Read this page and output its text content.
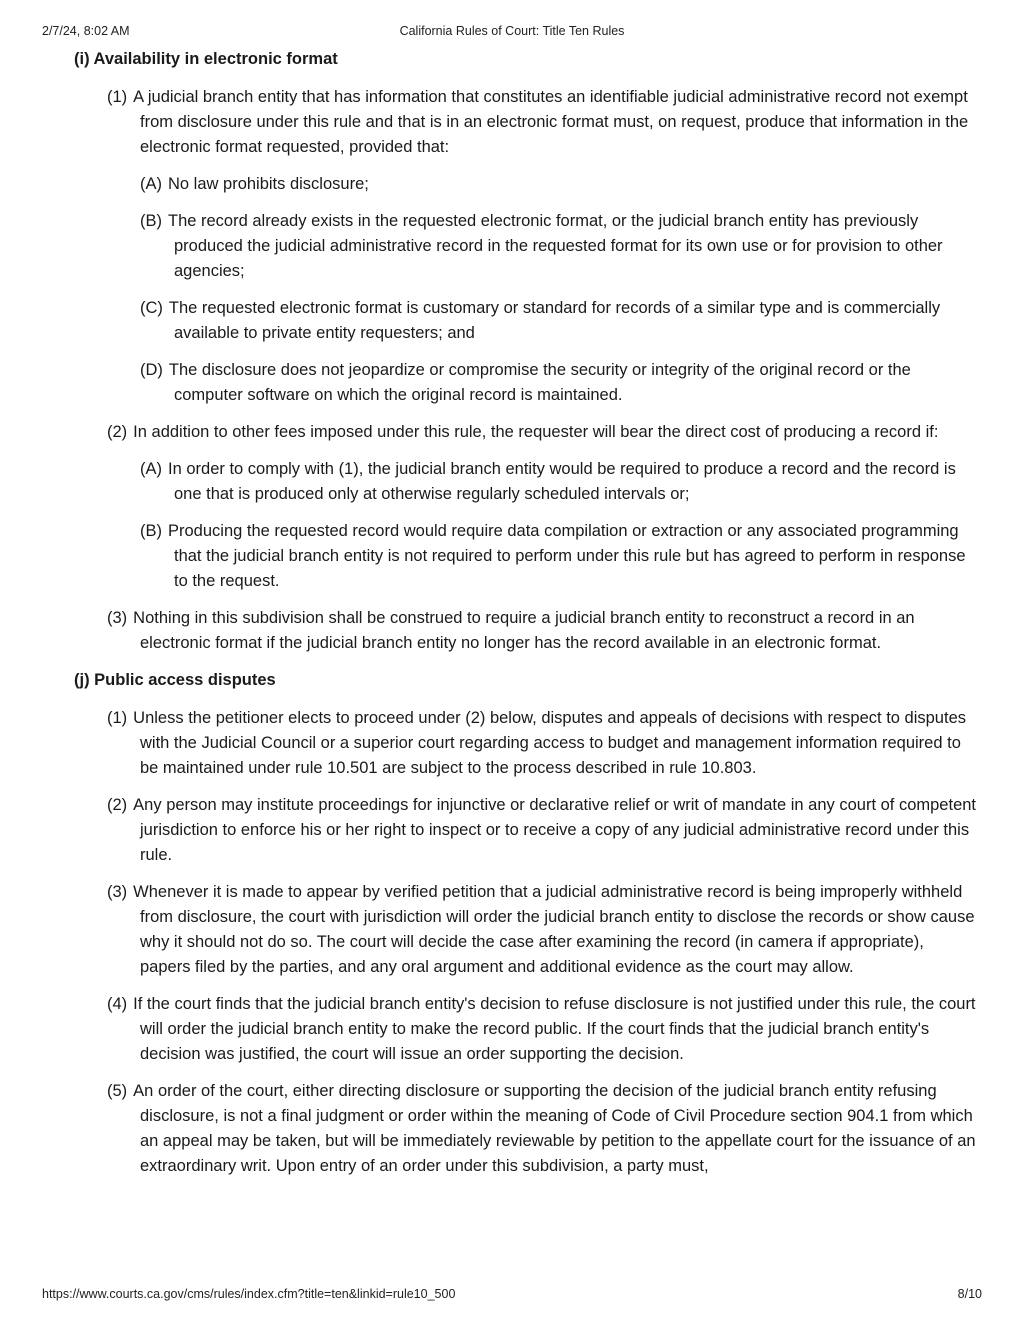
2/7/24, 8:02 AM	California Rules of Court: Title Ten Rules
(i) Availability in electronic format

(1) A judicial branch entity that has information that constitutes an identifiable judicial administrative record not exempt from disclosure under this rule and that is in an electronic format must, on request, produce that information in the electronic format requested, provided that:

(A) No law prohibits disclosure;

(B) The record already exists in the requested electronic format, or the judicial branch entity has previously produced the judicial administrative record in the requested format for its own use or for provision to other agencies;

(C) The requested electronic format is customary or standard for records of a similar type and is commercially available to private entity requesters; and

(D) The disclosure does not jeopardize or compromise the security or integrity of the original record or the computer software on which the original record is maintained.

(2) In addition to other fees imposed under this rule, the requester will bear the direct cost of producing a record if:

(A) In order to comply with (1), the judicial branch entity would be required to produce a record and the record is one that is produced only at otherwise regularly scheduled intervals or;

(B) Producing the requested record would require data compilation or extraction or any associated programming that the judicial branch entity is not required to perform under this rule but has agreed to perform in response to the request.

(3) Nothing in this subdivision shall be construed to require a judicial branch entity to reconstruct a record in an electronic format if the judicial branch entity no longer has the record available in an electronic format.

(j) Public access disputes

(1) Unless the petitioner elects to proceed under (2) below, disputes and appeals of decisions with respect to disputes with the Judicial Council or a superior court regarding access to budget and management information required to be maintained under rule 10.501 are subject to the process described in rule 10.803.

(2) Any person may institute proceedings for injunctive or declarative relief or writ of mandate in any court of competent jurisdiction to enforce his or her right to inspect or to receive a copy of any judicial administrative record under this rule.

(3) Whenever it is made to appear by verified petition that a judicial administrative record is being improperly withheld from disclosure, the court with jurisdiction will order the judicial branch entity to disclose the records or show cause why it should not do so. The court will decide the case after examining the record (in camera if appropriate), papers filed by the parties, and any oral argument and additional evidence as the court may allow.

(4) If the court finds that the judicial branch entity's decision to refuse disclosure is not justified under this rule, the court will order the judicial branch entity to make the record public. If the court finds that the judicial branch entity's decision was justified, the court will issue an order supporting the decision.

(5) An order of the court, either directing disclosure or supporting the decision of the judicial branch entity refusing disclosure, is not a final judgment or order within the meaning of Code of Civil Procedure section 904.1 from which an appeal may be taken, but will be immediately reviewable by petition to the appellate court for the issuance of an extraordinary writ. Upon entry of an order under this subdivision, a party must,

https://www.courts.ca.gov/cms/rules/index.cfm?title=ten&linkid=rule10_500	8/10
